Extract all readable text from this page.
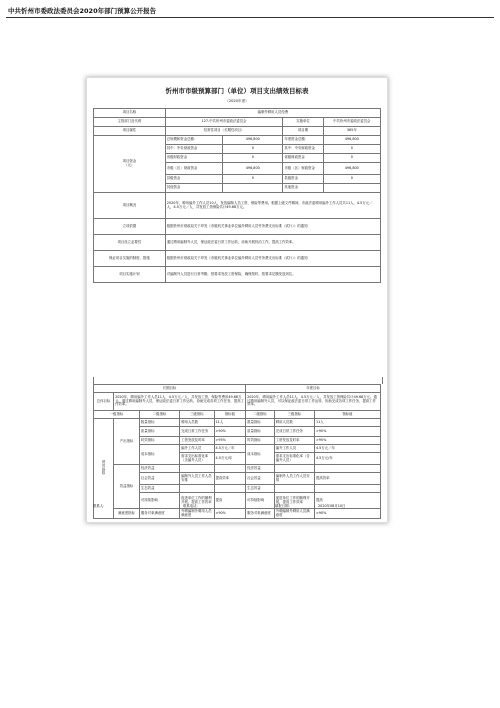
中共忻州市委政法委员会2020年部门预算公开报告
忻州市市级预算部门（单位）项目支出绩效目标表
（2020年度）
项目名称	编制外聘用人员经费			
主管部门及代码	127-中共忻州市委政法委员会		实施单位	中共忻州市委政法委员会
项目属性	经常性项目（长期性项目）		项目期	365年
项目资金
（元）	总规模和资金总额：	496,800	年度资金总额：	496,800
	其中：中央财政资金	0	其中：中央财政资金	0
	省级财政资金	0	省级财政资金	0
	市级（区）财政资金	496,800	市级（区）财政资金	496,800
	县级资金	0	县级资金	0
	其他资金		其他资金	

项目概况	2020年，聘用编外工作人员10人，发放编制人员工资、保险等费用。根据上级文件精神，市政法委聘用编外工作人员共11人，4.5万元／人，4.5万元／人，共发放工资保险共计49.68万元。			
立项依据	根据忻州市财政局关于印发《市级机关事业单位编外聘用人员劳务费支出标准（试行）》的通知			
项目设立必要性	通过聘用编制外人员，保证政法委日常工作运转，协助开展综治工作，提高工作效率。			
保证项目实施的制度、措施	根据忻州市财政局关于印发《市级机关事业单位编外聘用人员劳务费支出标准（试行）》的通知			
项目实施计划	对编制外人员进行日常考勤，按要求发放工资保险，确保按时、按要求足额发放到位。			
长期目标					年度目标		
总体目标	2020年，聘用编外工作人员11人，4.5万元／人，共发放工资、保险等费用49.68万元，通过聘用编制外人员，保证政法委日常工作运转，协助完成各项工作任务，提高工作效率。				2020年，聘用编外工作人员11人，4.5万元／人，共发放工资保险共计49.68万元。通过聘用编制外人员，可以保证政法委日常工作运转，协助完成各项工作任务，提高工作效率。		
一级指标		二级指标	三级指标	指标值	二级指标	三级指标	指标值
绩
效
指
标	产出指标	数量指标	聘用人员数	11人	数量指标	聘用人员数	11人
		质量指标	完成日常工作任务	>90%	质量指标	完成日常工作任务	>90%
		时效指标	工资发放及时率	>95%	时效指标	工资发放及时率	>95%
		成本指标	编外工作人员	4.5万元／年	成本指标	编外工作人员	4.5万元／年
			需求支出标准化率（含编外人员）	4.5万元/年		需求支出标准化率（含编外人员）	4.5万元/年
	效益指标	经济效益			经济效益		
		社会效益	编制外人员工作人员安排	提高效率	社会效益	编制外人员工作人员安排	提高效率
		生态效益			生态效益		
		可持续影响	促进单位工作的顺利开展，提高工作效率	提高	可持续影响	促进单位工作的顺利开展，提高工作效率	提高
	满意度指标	服务对象满意度	外聘编制外聘用人员满意度	>90%	服务对象满意度	外聘编制外聘用人员满意度	>90%
联系人：	联系电话：	填报日期：	2020年08月10日
